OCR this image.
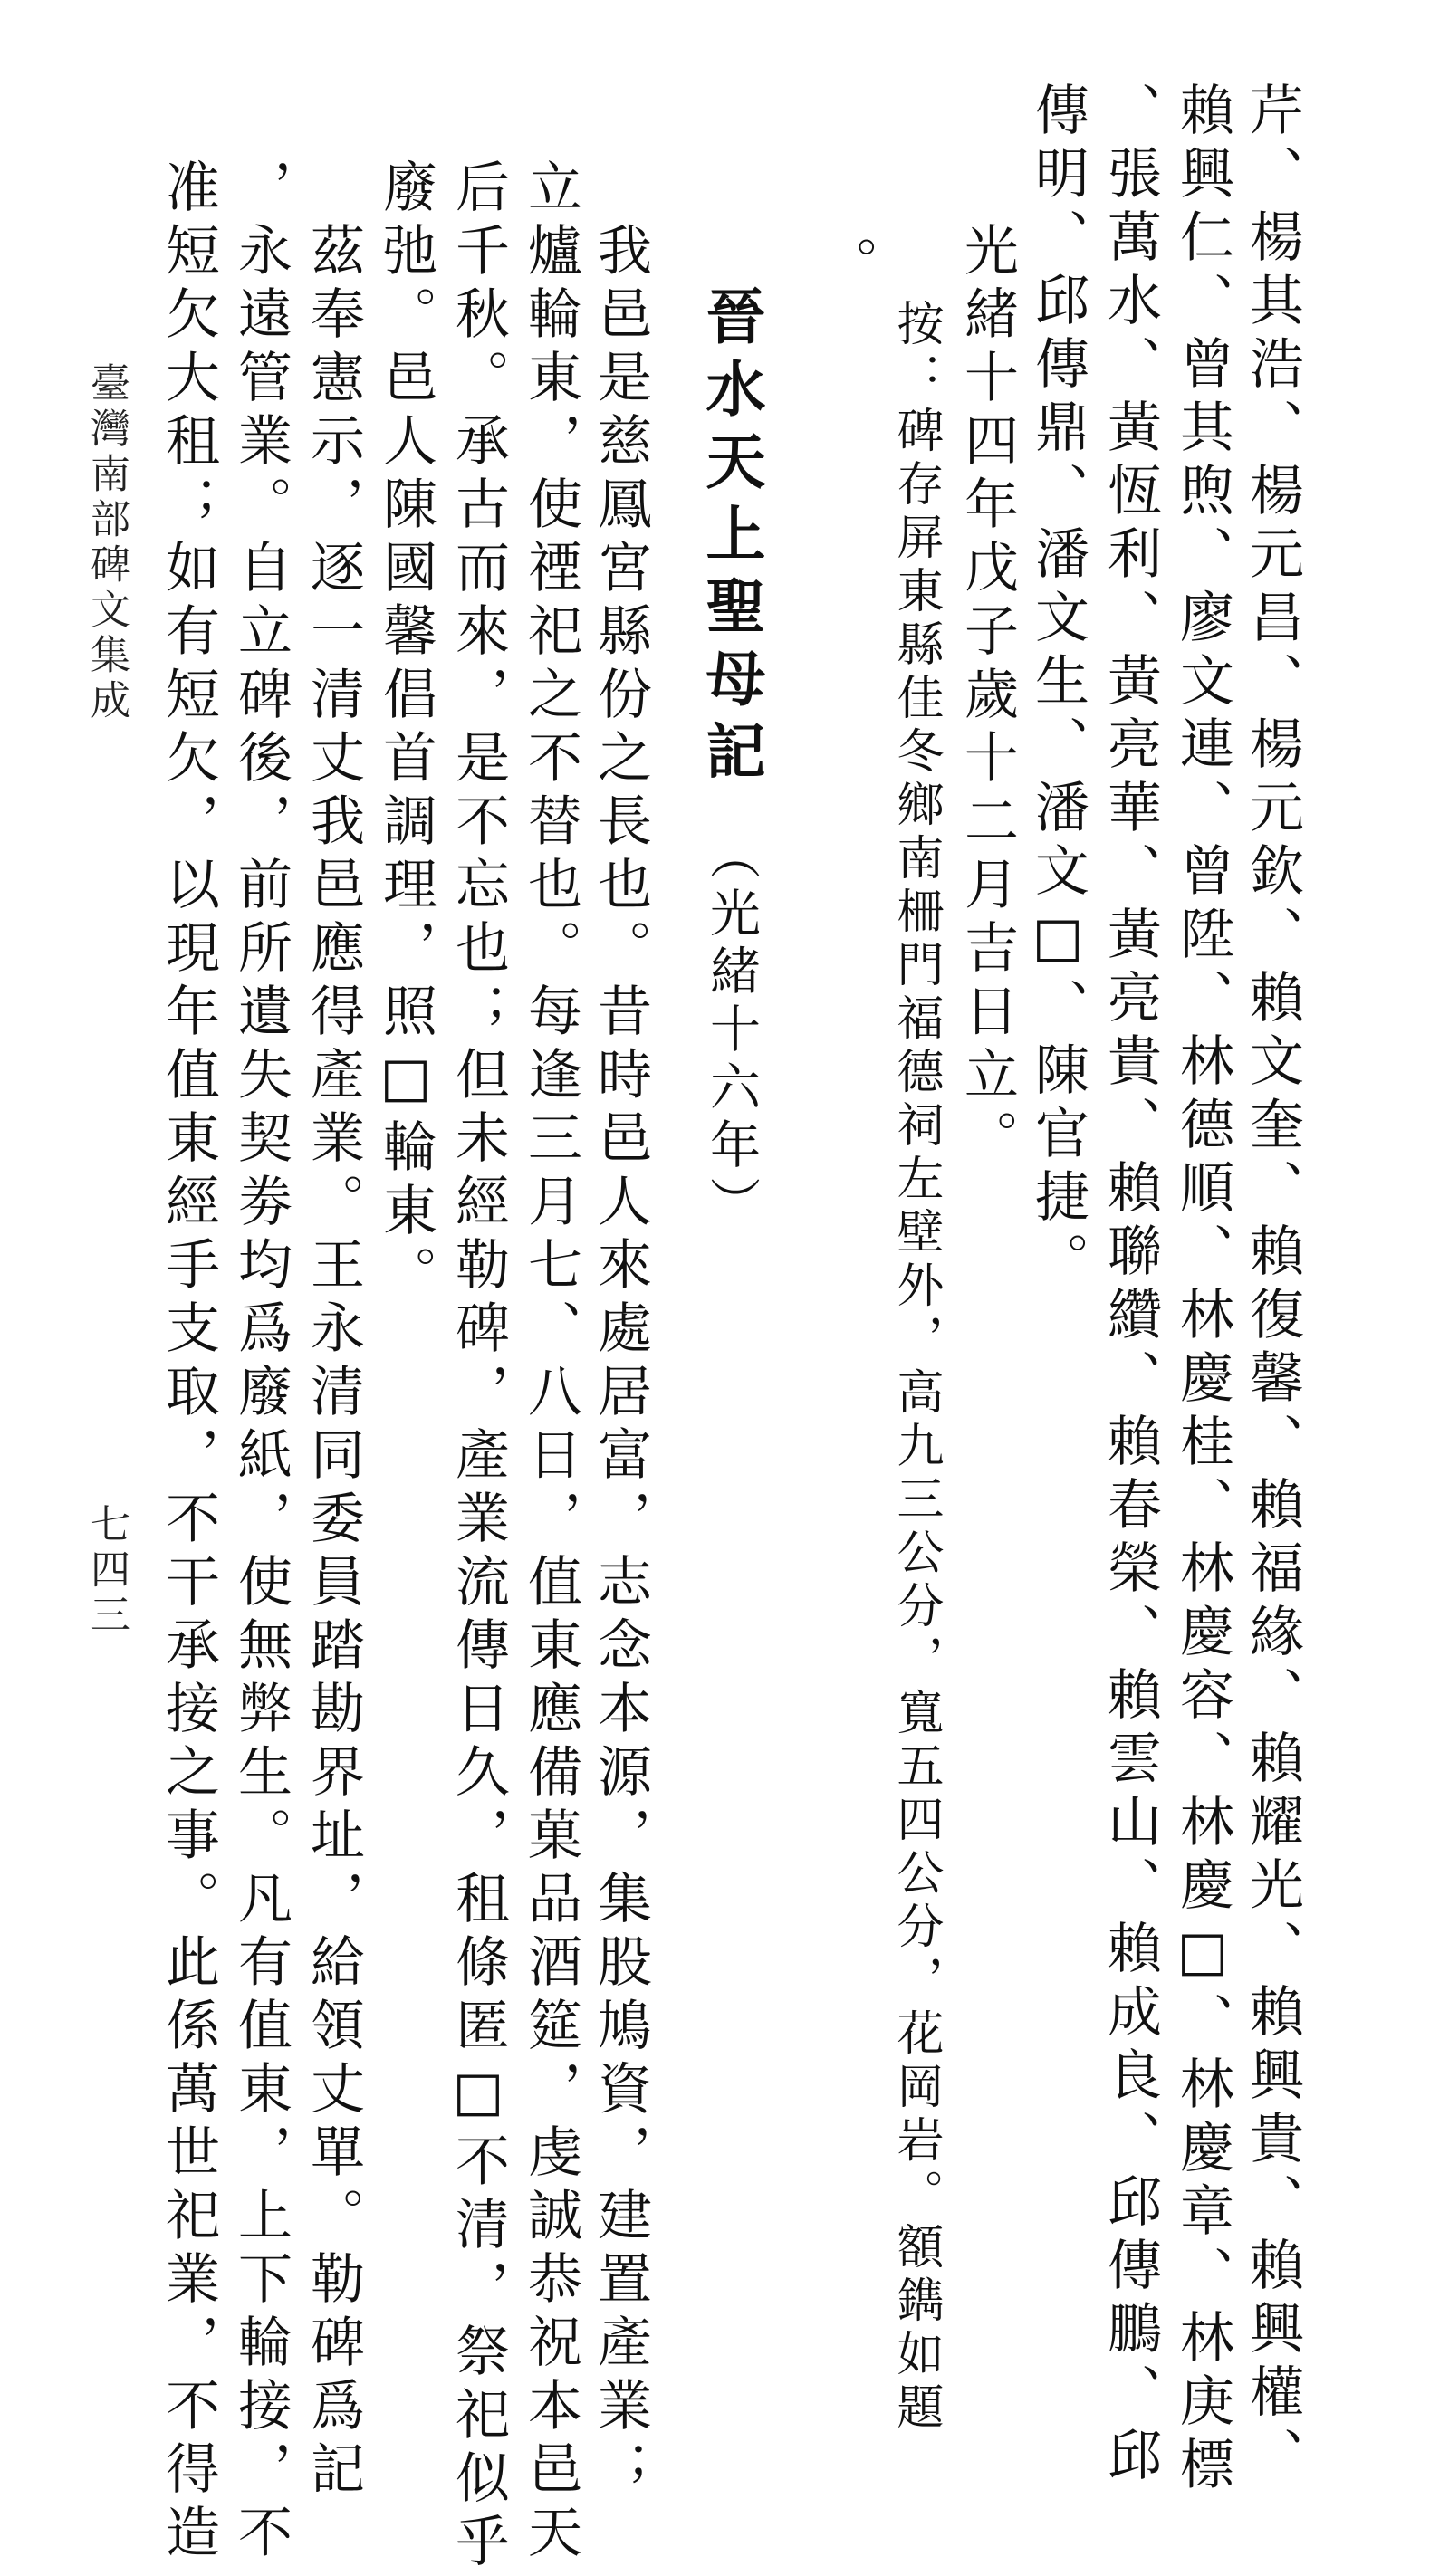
芹、楊其浩、楊元昌、楊元欽、賴文奎、賴復馨、賴福緣、賴耀光、賴興貴、賴興權、
賴興仁、曾其煦、廖文連、曾陞、林德順、林慶桂、林慶容、林慶□、林慶章、林庚標
、張萬水、黃恆利、黃亮華、黃亮貴、賴聯纘、賴春榮、賴雲山、賴成良、邱傳鵬、邱
傳明、邱傳鼎、潘文生、潘文□、陳官捷。
光緒十四年戊子歲十二月吉日立。
按：碑存屏東縣佳冬鄉南柵門福德祠左壁外，高九三公分，寬五四公分，花岡岩。額鐫如題
。
晉水天上聖母記（光緒十六年）
我邑是慈鳳宮縣份之長也。昔時邑人來處居富，志念本源，集股鳩資，建置產業；
立爐輪東，使禋祀之不替也。每逢三月七、八日，值東應備菓品酒筵，虔誠恭祝本邑天
后千秋。承古而來，是不忘也；但未經勒碑，產業流傳日久，租條匿□不清，祭祀似乎
廢弛。邑人陳國馨倡首調理，照□輪東。
茲奉憲示，逐一清丈我邑應得產業。王永清同委員踏勘界址，給領丈單。勒碑爲記
，永遠管業。自立碑後，前所遺失契劵均爲廢紙，使無弊生。凡有值東，上下輪接，不
准短欠大租；如有短欠，以現年值東經手支取，不干承接之事。此係萬世祀業，不得造
臺灣南部碑文集成
七四三
